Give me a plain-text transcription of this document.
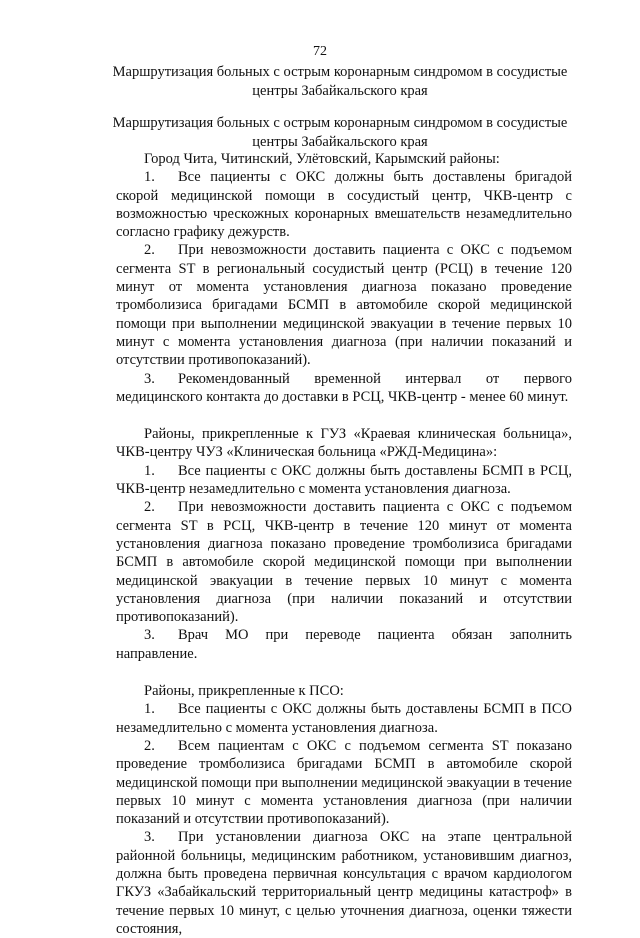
72
Маршрутизация больных с острым коронарным синдромом в сосудистые центры Забайкальского края
Маршрутизация больных с острым коронарным синдромом в сосудистые центры Забайкальского края

Город Чита, Читинский, Улётовский, Карымский районы:

1. Все пациенты с ОКС должны быть доставлены бригадой скорой медицинской помощи в сосудистый центр, ЧКВ-центр с возможностью чрескожных коронарных вмешательств незамедлительно согласно графику дежурств.

2. При невозможности доставить пациента с ОКС с подъемом сегмента ST в региональный сосудистый центр (РСЦ) в течение 120 минут от момента установления диагноза показано проведение тромболизиса бригадами БСМП в автомобиле скорой медицинской помощи при выполнении медицинской эвакуации в течение первых 10 минут с момента установления диагноза (при наличии показаний и отсутствии противопоказаний).

3. Рекомендованный временной интервал от первого медицинского контакта до доставки в РСЦ, ЧКВ-центр - менее 60 минут.

Районы, прикрепленные к ГУЗ «Краевая клиническая больница», ЧКВ-центру ЧУЗ «Клиническая больница «РЖД-Медицина»:

1. Все пациенты с ОКС должны быть доставлены БСМП в РСЦ, ЧКВ-центр незамедлительно с момента установления диагноза.

2. При невозможности доставить пациента с ОКС с подъемом сегмента ST в РСЦ, ЧКВ-центр в течение 120 минут от момента установления диагноза показано проведение тромболизиса бригадами БСМП в автомобиле скорой медицинской помощи при выполнении медицинской эвакуации в течение первых 10 минут с момента установления диагноза (при наличии показаний и отсутствии противопоказаний).

3. Врач МО при переводе пациента обязан заполнить направление.

Районы, прикрепленные к ПСО:

1. Все пациенты с ОКС должны быть доставлены БСМП в ПСО незамедлительно с момента установления диагноза.

2. Всем пациентам с ОКС с подъемом сегмента ST показано проведение тромболизиса бригадами БСМП в автомобиле скорой медицинской помощи при выполнении медицинской эвакуации в течение первых 10 минут с момента установления диагноза (при наличии показаний и отсутствии противопоказаний).

3. При установлении диагноза ОКС на этапе центральной районной больницы, медицинским работником, установившим диагноз, должна быть проведена первичная консультация с врачом кардиологом ГКУЗ «Забайкальский территориальный центр медицины катастроф» в течение первых 10 минут, с целью уточнения диагноза, оценки тяжести состояния,
